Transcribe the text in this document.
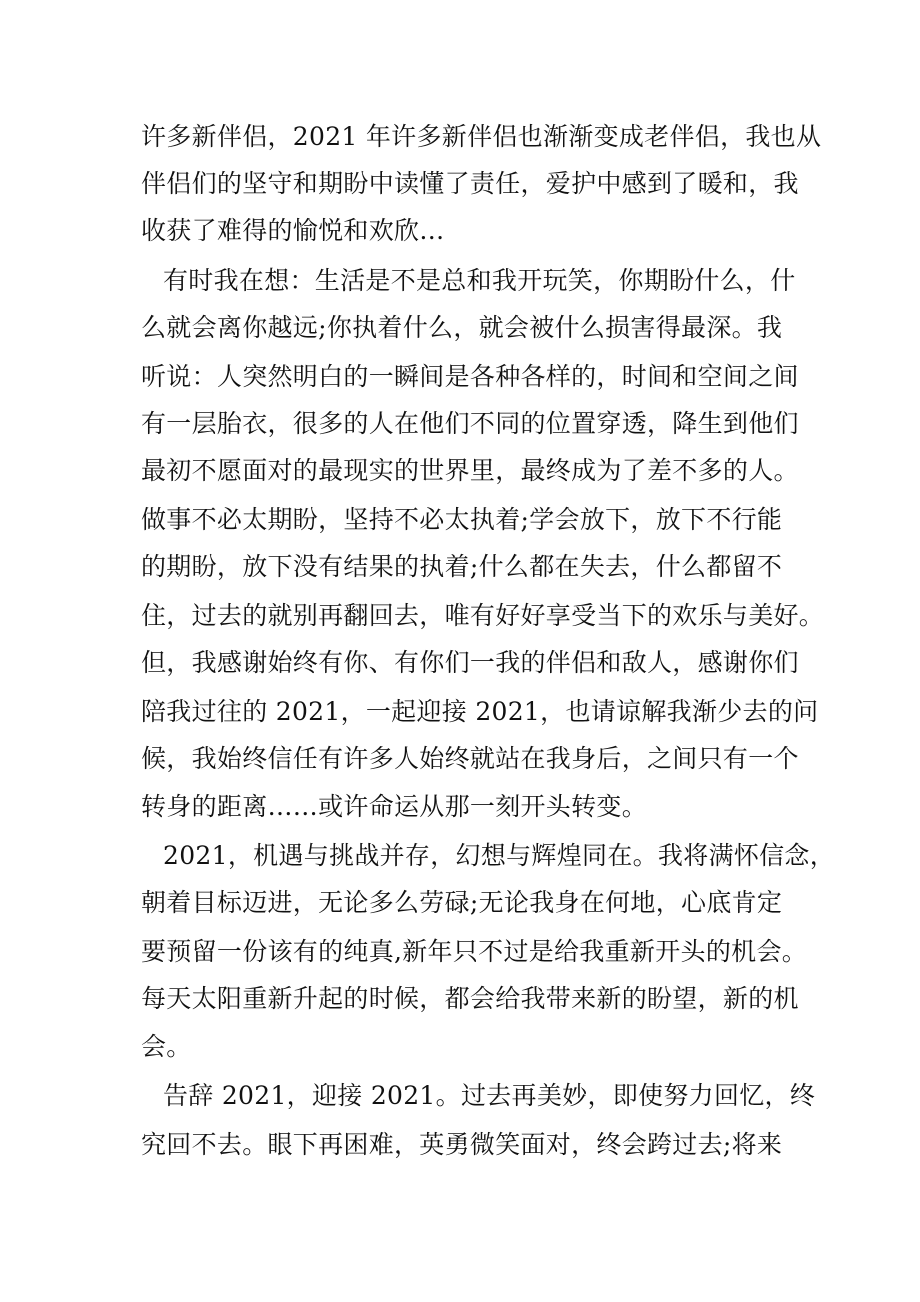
许多新伴侣，2021 年许多新伴侣也渐渐变成老伴侣，我也从
伴侣们的坚守和期盼中读懂了责任，爱护中感到了暖和，我
收获了难得的愉悦和欢欣…
有时我在想：生活是不是总和我开玩笑，你期盼什么，什
么就会离你越远;你执着什么，就会被什么损害得最深。我
听说：人突然明白的一瞬间是各种各样的，时间和空间之间
有一层胎衣，很多的人在他们不同的位置穿透，降生到他们
最初不愿面对的最现实的世界里，最终成为了差不多的人。
做事不必太期盼，坚持不必太执着;学会放下，放下不行能
的期盼，放下没有结果的执着;什么都在失去，什么都留不
住，过去的就别再翻回去，唯有好好享受当下的欢乐与美好。
但，我感谢始终有你、有你们一我的伴侣和敌人，感谢你们
陪我过往的 2021，一起迎接 2021，也请谅解我渐少去的问
候，我始终信任有许多人始终就站在我身后，之间只有一个
转身的距离……或许命运从那一刻开头转变。
2021，机遇与挑战并存，幻想与辉煌同在。我将满怀信念，
朝着目标迈进，无论多么劳碌;无论我身在何地，心底肯定
要预留一份该有的纯真,新年只不过是给我重新开头的机会。
每天太阳重新升起的时候，都会给我带来新的盼望，新的机
会。
告辞 2021，迎接 2021。过去再美妙，即使努力回忆，终
究回不去。眼下再困难，英勇微笑面对，终会跨过去;将来
